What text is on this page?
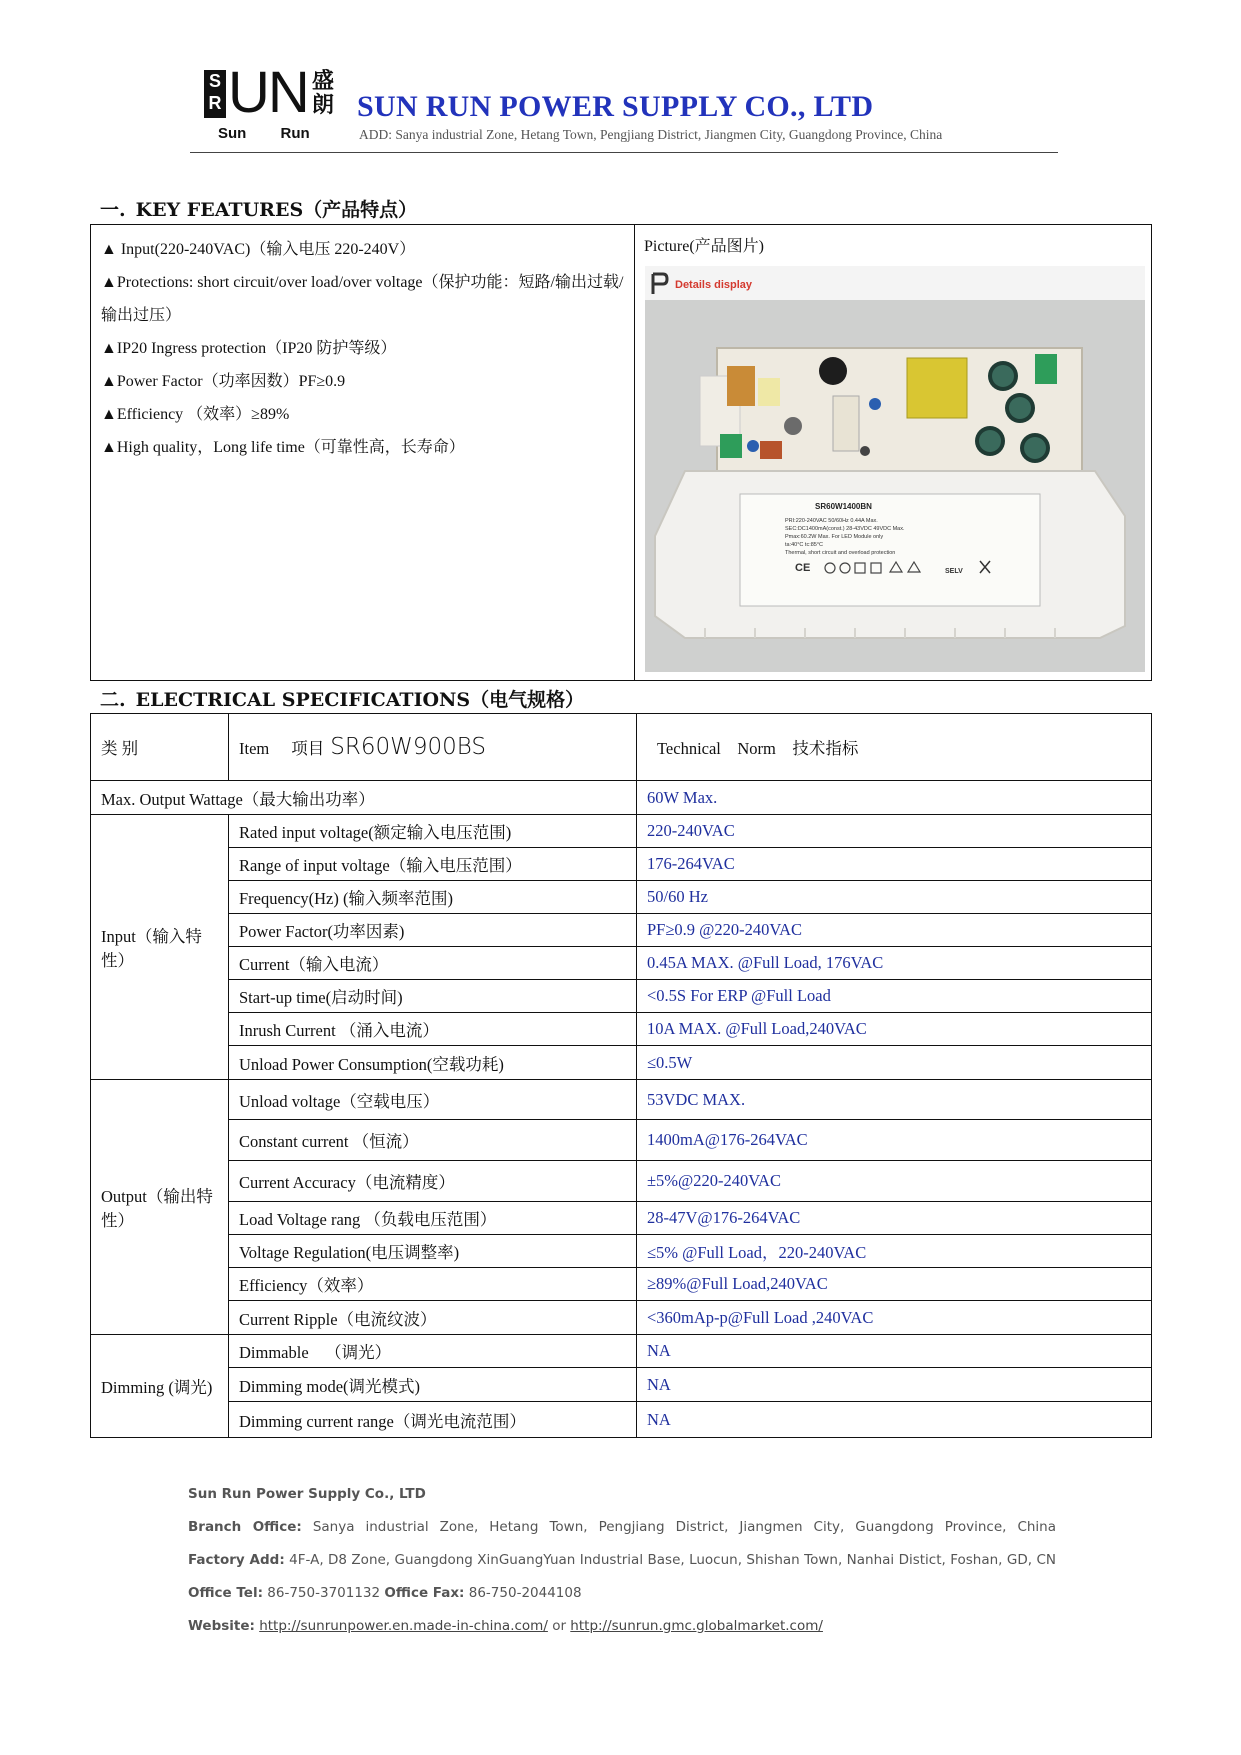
S R UN 盛朗
Sun Run
SUN RUN POWER SUPPLY CO., LTD
ADD: Sanya industrial Zone, Hetang Town, Pengjiang District, Jiangmen City, Guangdong Province, China
一. KEY FEATURES（产品特点）
▲ Input(220-240VAC)（输入电压 220-240V）
▲Protections: short circuit/over load/over voltage（保护功能：短路/输出过载/输出过压）
▲IP20 Ingress protection（IP20 防护等级）
▲Power Factor（功率因数）PF≥0.9
▲Efficiency （效率）≥89%
▲High quality，Long life time（可靠性高，长寿命）
Picture(产品图片)
Details display
SR60W1400BN
PRI:220-240VAC 50/60Hz 0.44A Max.
SEC:DC1400mA(const.) 28-43VDC 49VDC Max.
Pmax:60.2W Max. For LED Module only
ta:40°C tc:85°C
Thermal, short circuit and overload protection
CE	SELV
二. ELECTRICAL SPECIFICATIONS（电气规格）
类 别	Item 项目 SR60W900BS	Technical    Norm    技术指标
Max. Output Wattage（最大输出功率）		60W Max.
Input（输入特性）	Rated input voltage(额定输入电压范围)	220-240VAC
	Range of input voltage（输入电压范围）	176-264VAC
	Frequency(Hz) (输入频率范围)	50/60 Hz
	Power Factor(功率因素)	PF≥0.9 @220-240VAC
	Current（输入电流）	0.45A MAX. @Full Load, 176VAC
	Start-up time(启动时间)	<0.5S For ERP @Full Load
	Inrush Current （涌入电流）	10A MAX. @Full Load,240VAC
	Unload Power Consumption(空载功耗)	≤0.5W
Output（输出特性）	Unload voltage（空载电压）	53VDC MAX.
	Constant current （恒流）	1400mA@176-264VAC
	Current Accuracy（电流精度）	±5%@220-240VAC
	Load Voltage rang （负载电压范围）	28-47V@176-264VAC
	Voltage Regulation(电压调整率)	≤5% @Full Load，220-240VAC
	Efficiency（效率）	≥89%@Full Load,240VAC
	Current Ripple（电流纹波）	<360mAp-p@Full Load ,240VAC
Dimming (调光)	Dimmable    （调光）	NA
	Dimming mode(调光模式)	NA
	Dimming current range（调光电流范围）	NA
Sun Run Power Supply Co., LTD
Branch Office: Sanya industrial Zone, Hetang Town, Pengjiang District, Jiangmen City, Guangdong Province, China
Factory Add: 4F-A, D8 Zone, Guangdong XinGuangYuan Industrial Base, Luocun, Shishan Town, Nanhai Distict, Foshan, GD, CN
Office Tel: 86-750-3701132 Office Fax: 86-750-2044108
Website: http://sunrunpower.en.made-in-china.com/ or http://sunrun.gmc.globalmarket.com/
